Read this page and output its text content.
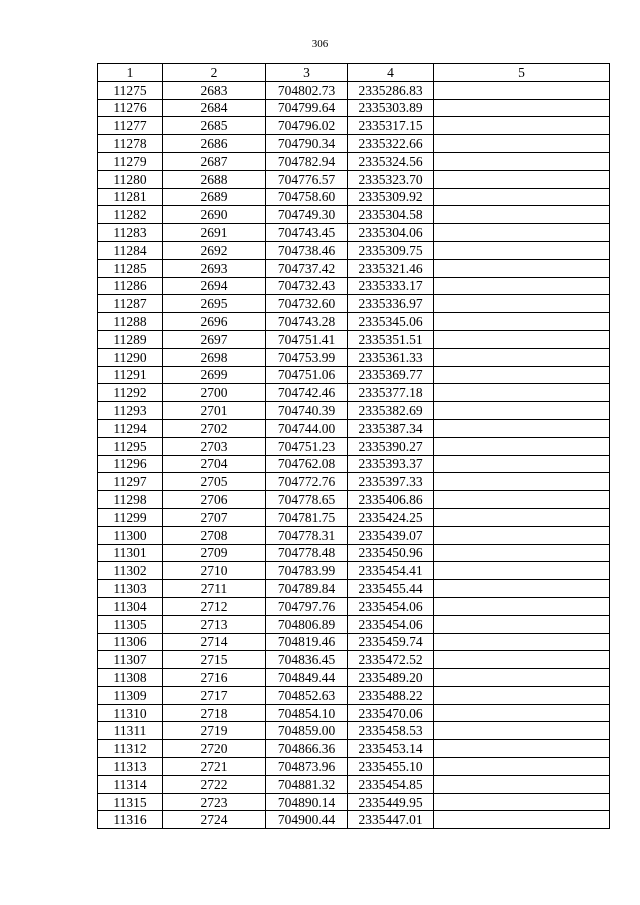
306
1	2	3	4	5
11275	2683	704802.73	2335286.83	
11276	2684	704799.64	2335303.89	
11277	2685	704796.02	2335317.15	
11278	2686	704790.34	2335322.66	
11279	2687	704782.94	2335324.56	
11280	2688	704776.57	2335323.70	
11281	2689	704758.60	2335309.92	
11282	2690	704749.30	2335304.58	
11283	2691	704743.45	2335304.06	
11284	2692	704738.46	2335309.75	
11285	2693	704737.42	2335321.46	
11286	2694	704732.43	2335333.17	
11287	2695	704732.60	2335336.97	
11288	2696	704743.28	2335345.06	
11289	2697	704751.41	2335351.51	
11290	2698	704753.99	2335361.33	
11291	2699	704751.06	2335369.77	
11292	2700	704742.46	2335377.18	
11293	2701	704740.39	2335382.69	
11294	2702	704744.00	2335387.34	
11295	2703	704751.23	2335390.27	
11296	2704	704762.08	2335393.37	
11297	2705	704772.76	2335397.33	
11298	2706	704778.65	2335406.86	
11299	2707	704781.75	2335424.25	
11300	2708	704778.31	2335439.07	
11301	2709	704778.48	2335450.96	
11302	2710	704783.99	2335454.41	
11303	2711	704789.84	2335455.44	
11304	2712	704797.76	2335454.06	
11305	2713	704806.89	2335454.06	
11306	2714	704819.46	2335459.74	
11307	2715	704836.45	2335472.52	
11308	2716	704849.44	2335489.20	
11309	2717	704852.63	2335488.22	
11310	2718	704854.10	2335470.06	
11311	2719	704859.00	2335458.53	
11312	2720	704866.36	2335453.14	
11313	2721	704873.96	2335455.10	
11314	2722	704881.32	2335454.85	
11315	2723	704890.14	2335449.95	
11316	2724	704900.44	2335447.01	
